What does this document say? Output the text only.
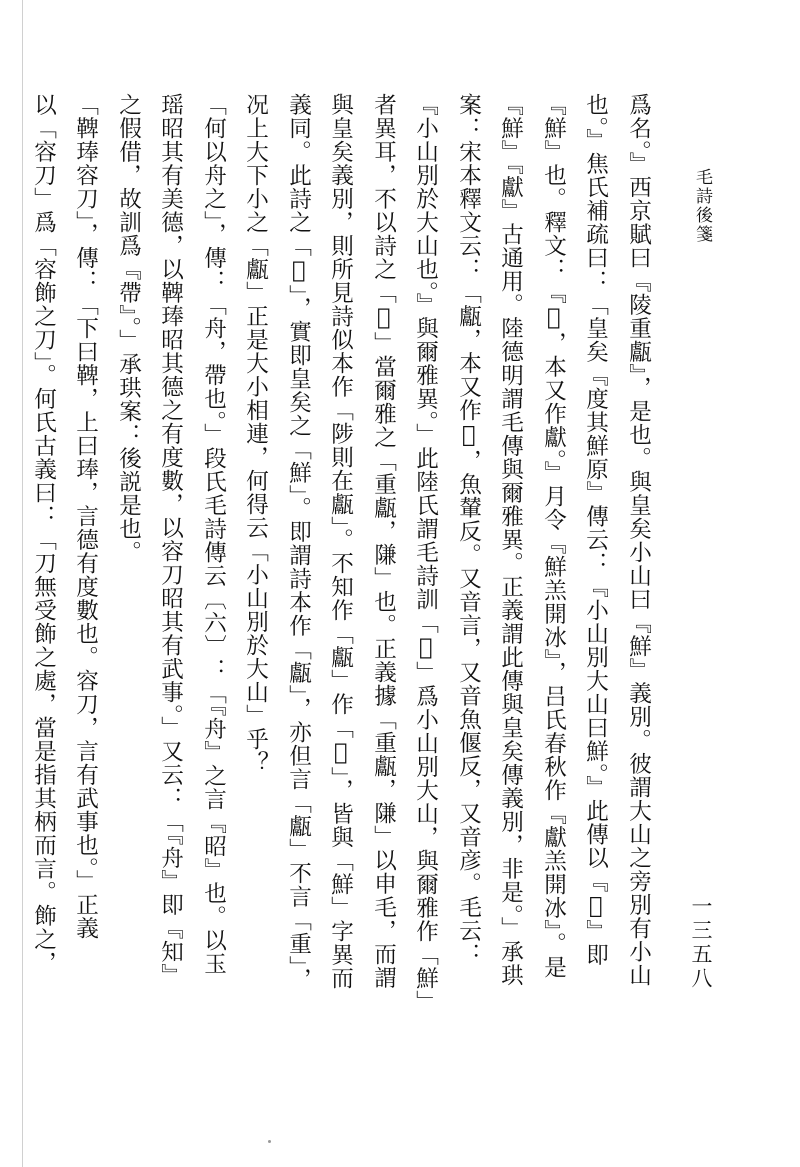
毛詩後箋
一三五八
爲名。』西京賦曰『陵重甗』，是也。與皇矣小山曰『鮮』義別。彼謂大山之旁別有小山
也。』焦氏補疏曰：「皇矣『度其鮮原』傳云：『小山別大山曰鮮。』此傳以『𪉑』即
『鮮』也。釋文：『𪉑，本又作獻。』月令『鮮羔開冰』，吕氏春秋作『獻羔開冰』。是
『鮮』『獻』古通用。陸德明謂毛傳與爾雅異。正義謂此傳與皇矣傳義別，非是。」承珙
案：宋本釋文云：「甗，本又作𪉑，魚輦反。又音言，又音魚偃反，又音彦。毛云：
『小山別於大山也。』與爾雅異。」此陸氏謂毛詩訓「𪉑」爲小山別大山，與爾雅作「鮮」
者異耳，不以詩之「𪉑」當爾雅之「重甗，隒」也。正義據「重甗，隒」以申毛，而謂
與皇矣義別，則所見詩似本作「陟則在甗」。不知作「甗」作「𪉑」，皆與「鮮」字異而
義同。此詩之「𪉑」，實即皇矣之「鮮」。即謂詩本作「甗」，亦但言「甗」不言「重」，
况上大下小之「甗」正是大小相連，何得云「小山別於大山」乎？
「何以舟之」，傳：「舟，帶也。」段氏毛詩傳云〔六〕：「『舟』之言『昭』也。以玉
瑶昭其有美德，以鞞琫昭其德之有度數，以容刀昭其有武事。」又云：「『舟』即『知』
之假借，故訓爲『帶』。」承珙案：後説是也。
「鞞琫容刀」，傳：「下曰鞞，上曰琫，言德有度數也。容刀，言有武事也。」正義
以「容刀」爲「容飾之刀」。何氏古義曰：「刀無受飾之處，當是指其柄而言。飾之，
